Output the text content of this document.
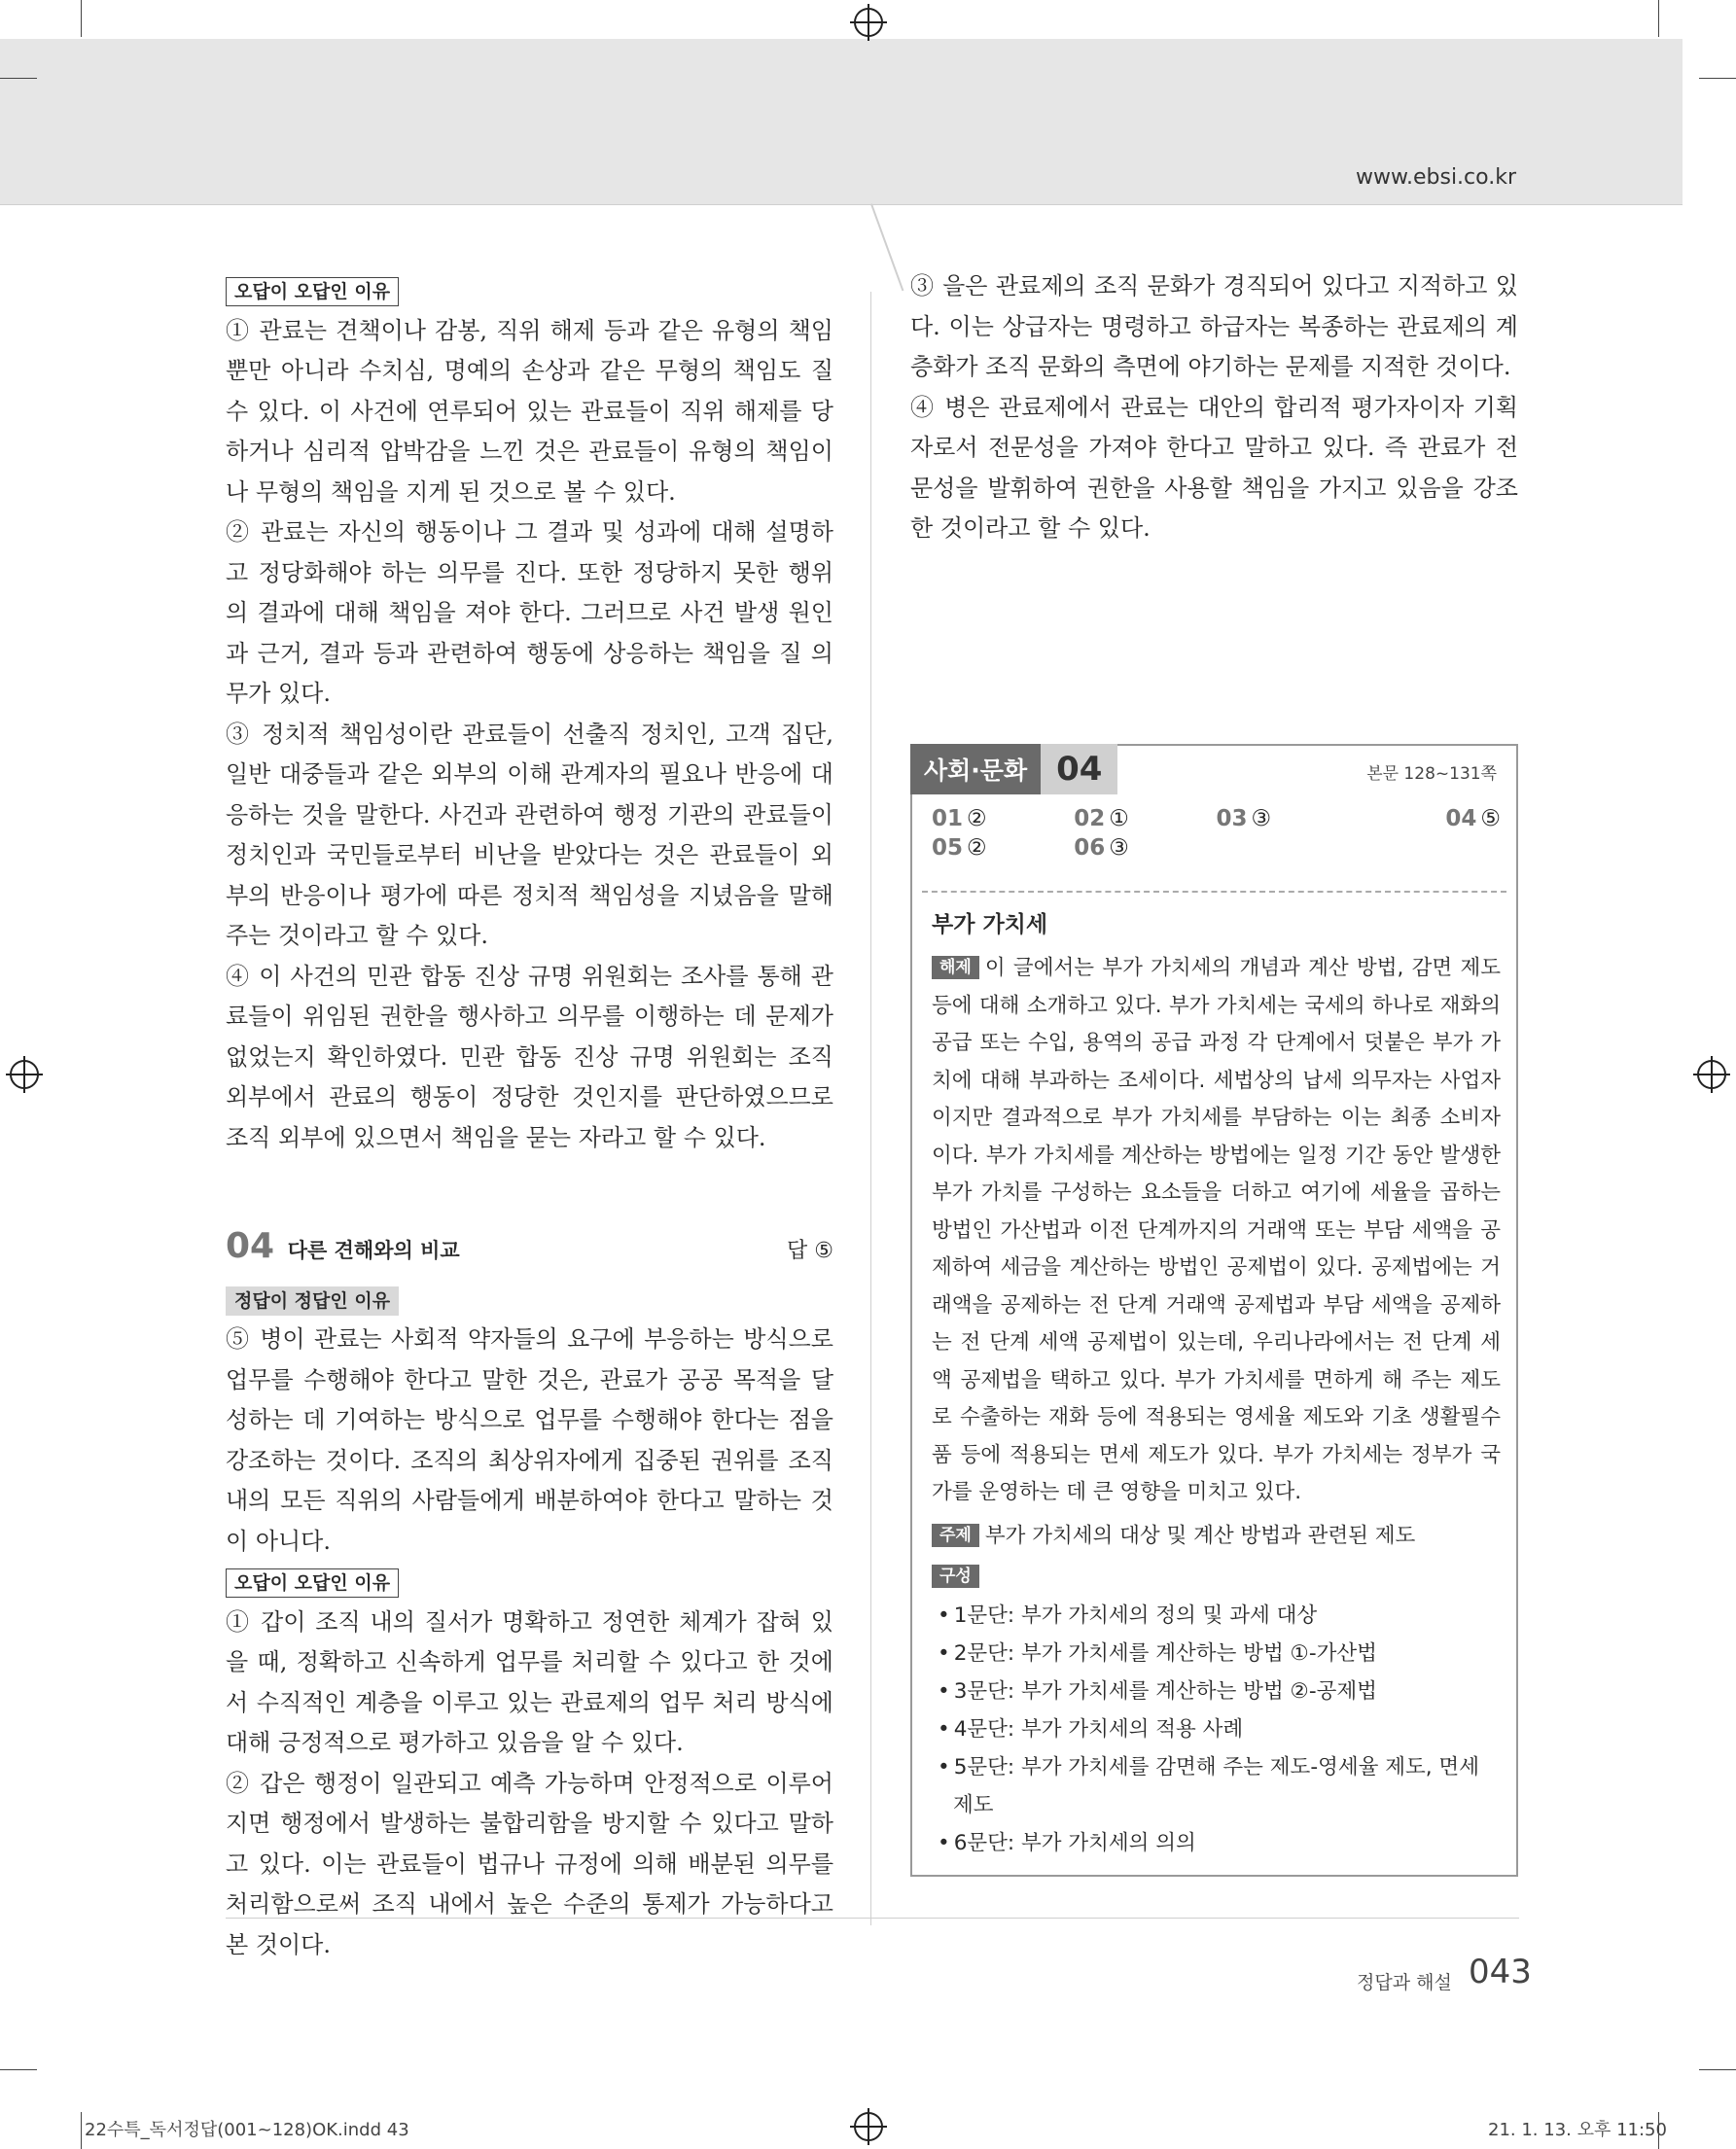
www.ebsi.co.kr
오답이 오답인 이유

① 관료는 견책이나 감봉, 직위 해제 등과 같은 유형의 책임뿐만 아니라 수치심, 명예의 손상과 같은 무형의 책임도 질 수 있다. 이 사건에 연루되어 있는 관료들이 직위 해제를 당하거나 심리적 압박감을 느낀 것은 관료들이 유형의 책임이나 무형의 책임을 지게 된 것으로 볼 수 있다.

② 관료는 자신의 행동이나 그 결과 및 성과에 대해 설명하고 정당화해야 하는 의무를 진다. 또한 정당하지 못한 행위의 결과에 대해 책임을 져야 한다. 그러므로 사건 발생 원인과 근거, 결과 등과 관련하여 행동에 상응하는 책임을 질 의무가 있다.

③ 정치적 책임성이란 관료들이 선출직 정치인, 고객 집단, 일반 대중들과 같은 외부의 이해 관계자의 필요나 반응에 대응하는 것을 말한다. 사건과 관련하여 행정 기관의 관료들이 정치인과 국민들로부터 비난을 받았다는 것은 관료들이 외부의 반응이나 평가에 따른 정치적 책임성을 지녔음을 말해 주는 것이라고 할 수 있다.

④ 이 사건의 민관 합동 진상 규명 위원회는 조사를 통해 관료들이 위임된 권한을 행사하고 의무를 이행하는 데 문제가 없었는지 확인하였다. 민관 합동 진상 규명 위원회는 조직 외부에서 관료의 행동이 정당한 것인지를 판단하였으므로 조직 외부에 있으면서 책임을 묻는 자라고 할 수 있다.

04 다른 견해와의 비교	답 ⑤
정답이 정답인 이유

⑤ 병이 관료는 사회적 약자들의 요구에 부응하는 방식으로 업무를 수행해야 한다고 말한 것은, 관료가 공공 목적을 달성하는 데 기여하는 방식으로 업무를 수행해야 한다는 점을 강조하는 것이다. 조직의 최상위자에게 집중된 권위를 조직 내의 모든 직위의 사람들에게 배분하여야 한다고 말하는 것이 아니다.

오답이 오답인 이유

① 갑이 조직 내의 질서가 명확하고 정연한 체계가 잡혀 있을 때, 정확하고 신속하게 업무를 처리할 수 있다고 한 것에서 수직적인 계층을 이루고 있는 관료제의 업무 처리 방식에 대해 긍정적으로 평가하고 있음을 알 수 있다.

② 갑은 행정이 일관되고 예측 가능하며 안정적으로 이루어지면 행정에서 발생하는 불합리함을 방지할 수 있다고 말하고 있다. 이는 관료들이 법규나 규정에 의해 배분된 의무를 처리함으로써 조직 내에서 높은 수준의 통제가 가능하다고 본 것이다.

③ 을은 관료제의 조직 문화가 경직되어 있다고 지적하고 있다. 이는 상급자는 명령하고 하급자는 복종하는 관료제의 계층화가 조직 문화의 측면에 야기하는 문제를 지적한 것이다.

④ 병은 관료제에서 관료는 대안의 합리적 평가자이자 기획자로서 전문성을 가져야 한다고 말하고 있다. 즉 관료가 전문성을 발휘하여 권한을 사용할 책임을 가지고 있음을 강조한 것이라고 할 수 있다.

사회·문화 04	본문 128~131쪽
01 ②	02 ①	03 ③	04 ⑤
05 ②	06 ③
부가 가치세

해제 이 글에서는 부가 가치세의 개념과 계산 방법, 감면 제도 등에 대해 소개하고 있다. 부가 가치세는 국세의 하나로 재화의 공급 또는 수입, 용역의 공급 과정 각 단계에서 덧붙은 부가 가치에 대해 부과하는 조세이다. 세법상의 납세 의무자는 사업자이지만 결과적으로 부가 가치세를 부담하는 이는 최종 소비자이다. 부가 가치세를 계산하는 방법에는 일정 기간 동안 발생한 부가 가치를 구성하는 요소들을 더하고 여기에 세율을 곱하는 방법인 가산법과 이전 단계까지의 거래액 또는 부담 세액을 공제하여 세금을 계산하는 방법인 공제법이 있다. 공제법에는 거래액을 공제하는 전 단계 거래액 공제법과 부담 세액을 공제하는 전 단계 세액 공제법이 있는데, 우리나라에서는 전 단계 세액 공제법을 택하고 있다. 부가 가치세를 면하게 해 주는 제도로 수출하는 재화 등에 적용되는 영세율 제도와 기초 생활필수품 등에 적용되는 면세 제도가 있다. 부가 가치세는 정부가 국가를 운영하는 데 큰 영향을 미치고 있다.

주제 부가 가치세의 대상 및 계산 방법과 관련된 제도

구성
• 1문단: 부가 가치세의 정의 및 과세 대상
• 2문단: 부가 가치세를 계산하는 방법 ①-가산법
• 3문단: 부가 가치세를 계산하는 방법 ②-공제법
• 4문단: 부가 가치세의 적용 사례
• 5문단: 부가 가치세를 감면해 주는 제도-영세율 제도, 면세 제도
• 6문단: 부가 가치세의 의의
정답과 해설 043
22수특_독서정답(001~128)OK.indd 43	21. 1. 13. 오후 11:50
